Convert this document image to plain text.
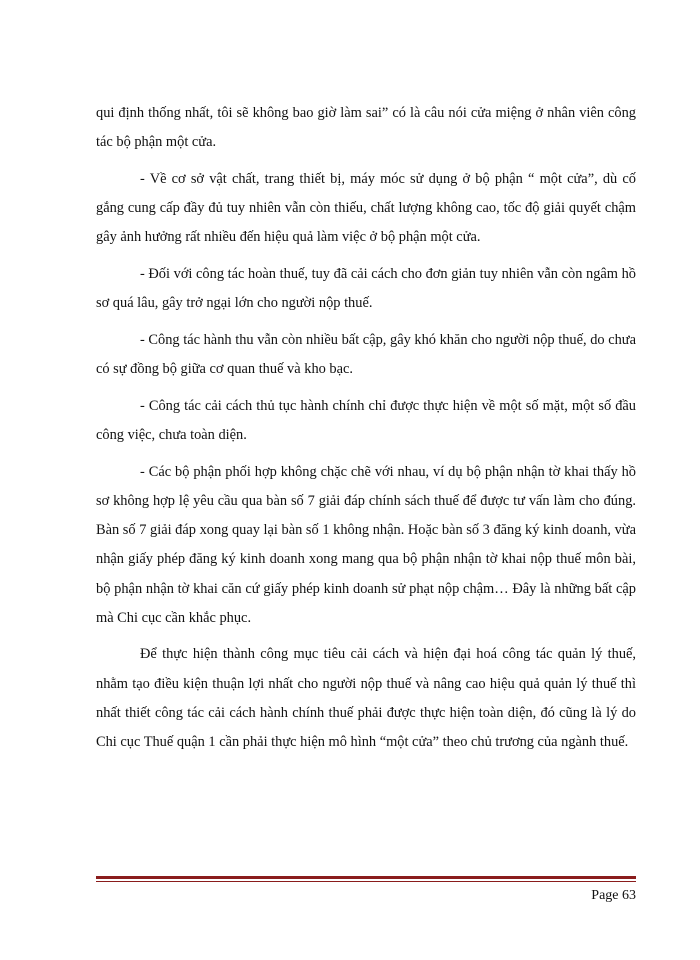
qui định thống nhất, tôi sẽ không bao giờ làm sai” có là câu nói cửa miệng ở nhân viên công tác bộ phận một cửa.

- Về cơ sở vật chất, trang thiết bị, máy móc sử dụng ở bộ phận “ một cửa”, dù cố gắng cung cấp đầy đủ tuy nhiên vẫn còn thiếu, chất lượng không cao, tốc độ giải quyết chậm gây ảnh hưởng rất nhiều đến hiệu quả làm việc ở bộ phận một cửa.

- Đối với công tác hoàn thuế, tuy đã cải cách cho đơn giản tuy nhiên vẫn còn ngâm hồ sơ quá lâu, gây trở ngại lớn cho người nộp thuế.

- Công tác hành thu vẫn còn nhiều bất cập, gây khó khăn cho người nộp thuế, do chưa có sự đồng bộ giữa cơ quan thuế và kho bạc.

- Công tác cải cách thủ tục hành chính chỉ được thực hiện về một số mặt, một số đầu công việc, chưa toàn diện.

- Các bộ phận phối hợp không chặc chẽ với nhau, ví dụ bộ phận nhận tờ khai thấy hồ sơ không hợp lệ yêu cầu qua bàn số 7 giải đáp chính sách thuế để được tư vấn làm cho đúng. Bàn số 7 giải đáp xong quay lại bàn số 1 không nhận. Hoặc bàn số 3 đăng ký kinh doanh, vừa nhận giấy phép đăng ký kinh doanh xong mang qua bộ phận nhận tờ khai nộp thuế môn bài, bộ phận nhận tờ khai căn cứ giấy phép kinh doanh sử phạt nộp chậm… Đây là những bất cập mà Chi cục cần khắc phục.

Để thực hiện thành công mục tiêu cải cách và hiện đại hoá công tác quản lý thuế, nhằm tạo điều kiện thuận lợi nhất cho người nộp thuế và nâng cao hiệu quả quản lý thuế thì nhất thiết công tác cải cách hành chính thuế phải được thực hiện toàn diện, đó cũng là lý do Chi cục Thuế quận 1 cần phải thực hiện mô hình “một cửa” theo chủ trương của ngành thuế.

Page 63
